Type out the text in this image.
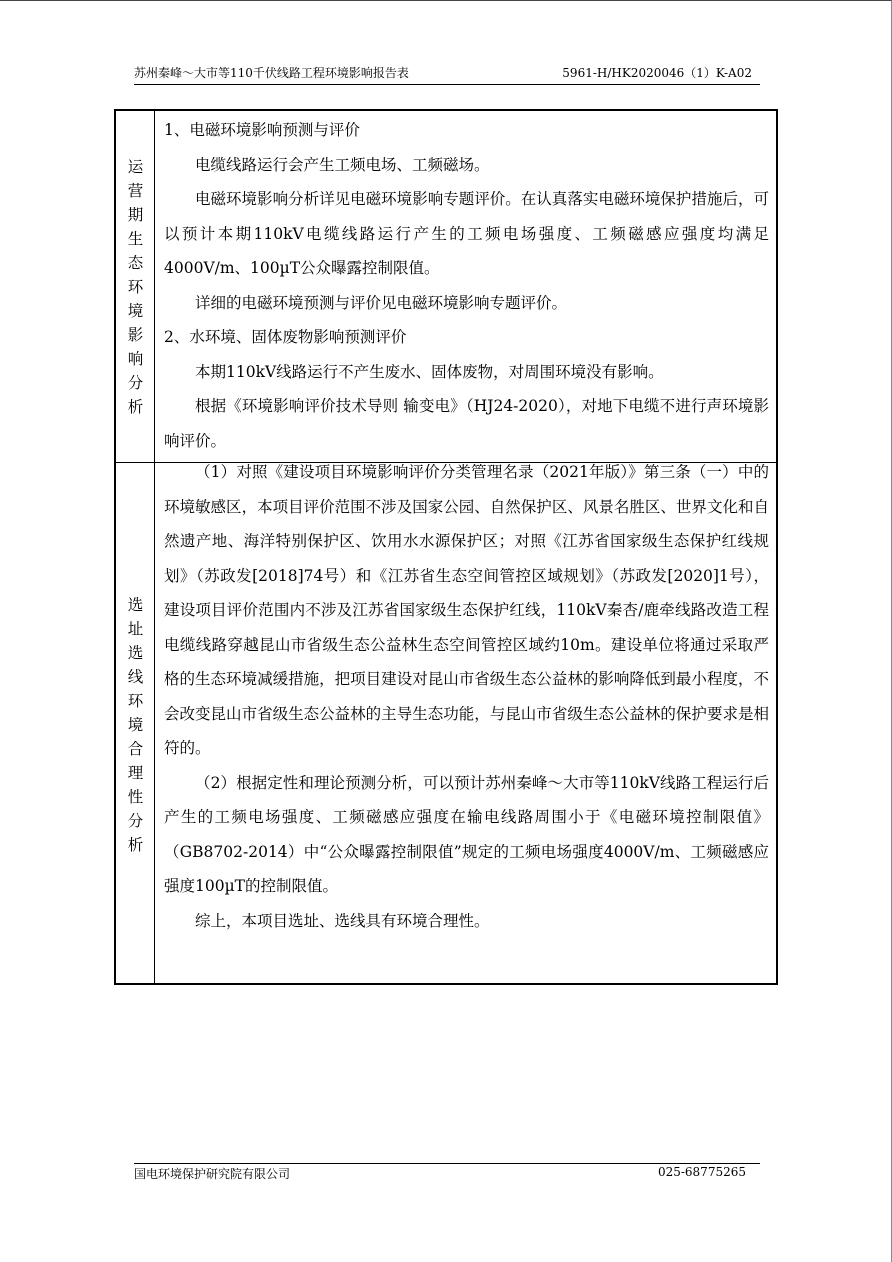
苏州秦峰～大市等110千伏线路工程环境影响报告表	5961-H/HK2020046（1）K-A02
运
营
期
生
态
环
境
影
响
分
析

1、电磁环境影响预测与评价

电缆线路运行会产生工频电场、工频磁场。

电磁环境影响分析详见电磁环境影响专题评价。在认真落实电磁环境保护措施后，可以预计本期110kV电缆线路运行产生的工频电场强度、工频磁感应强度均满足4000V/m、100µT公众曝露控制限值。

详细的电磁环境预测与评价见电磁环境影响专题评价。

2、水环境、固体废物影响预测评价

本期110kV线路运行不产生废水、固体废物，对周围环境没有影响。

根据《环境影响评价技术导则 输变电》（HJ24-2020），对地下电缆不进行声环境影响评价。

选
址
选
线
环
境
合
理
性
分
析

（1）对照《建设项目环境影响评价分类管理名录（2021年版）》第三条（一）中的环境敏感区，本项目评价范围不涉及国家公园、自然保护区、风景名胜区、世界文化和自然遗产地、海洋特别保护区、饮用水水源保护区；对照《江苏省国家级生态保护红线规划》（苏政发[2018]74号）和《江苏省生态空间管控区域规划》（苏政发[2020]1号），建设项目评价范围内不涉及江苏省国家级生态保护红线，110kV秦杏/鹿牵线路改造工程电缆线路穿越昆山市省级生态公益林生态空间管控区域约10m。建设单位将通过采取严格的生态环境减缓措施，把项目建设对昆山市省级生态公益林的影响降低到最小程度，不会改变昆山市省级生态公益林的主导生态功能，与昆山市省级生态公益林的保护要求是相符的。

（2）根据定性和理论预测分析，可以预计苏州秦峰～大市等110kV线路工程运行后产生的工频电场强度、工频磁感应强度在输电线路周围小于《电磁环境控制限值》（GB8702-2014）中“公众曝露控制限值”规定的工频电场强度4000V/m、工频磁感应强度100µT的控制限值。

综上，本项目选址、选线具有环境合理性。

国电环境保护研究院有限公司	025-68775265
